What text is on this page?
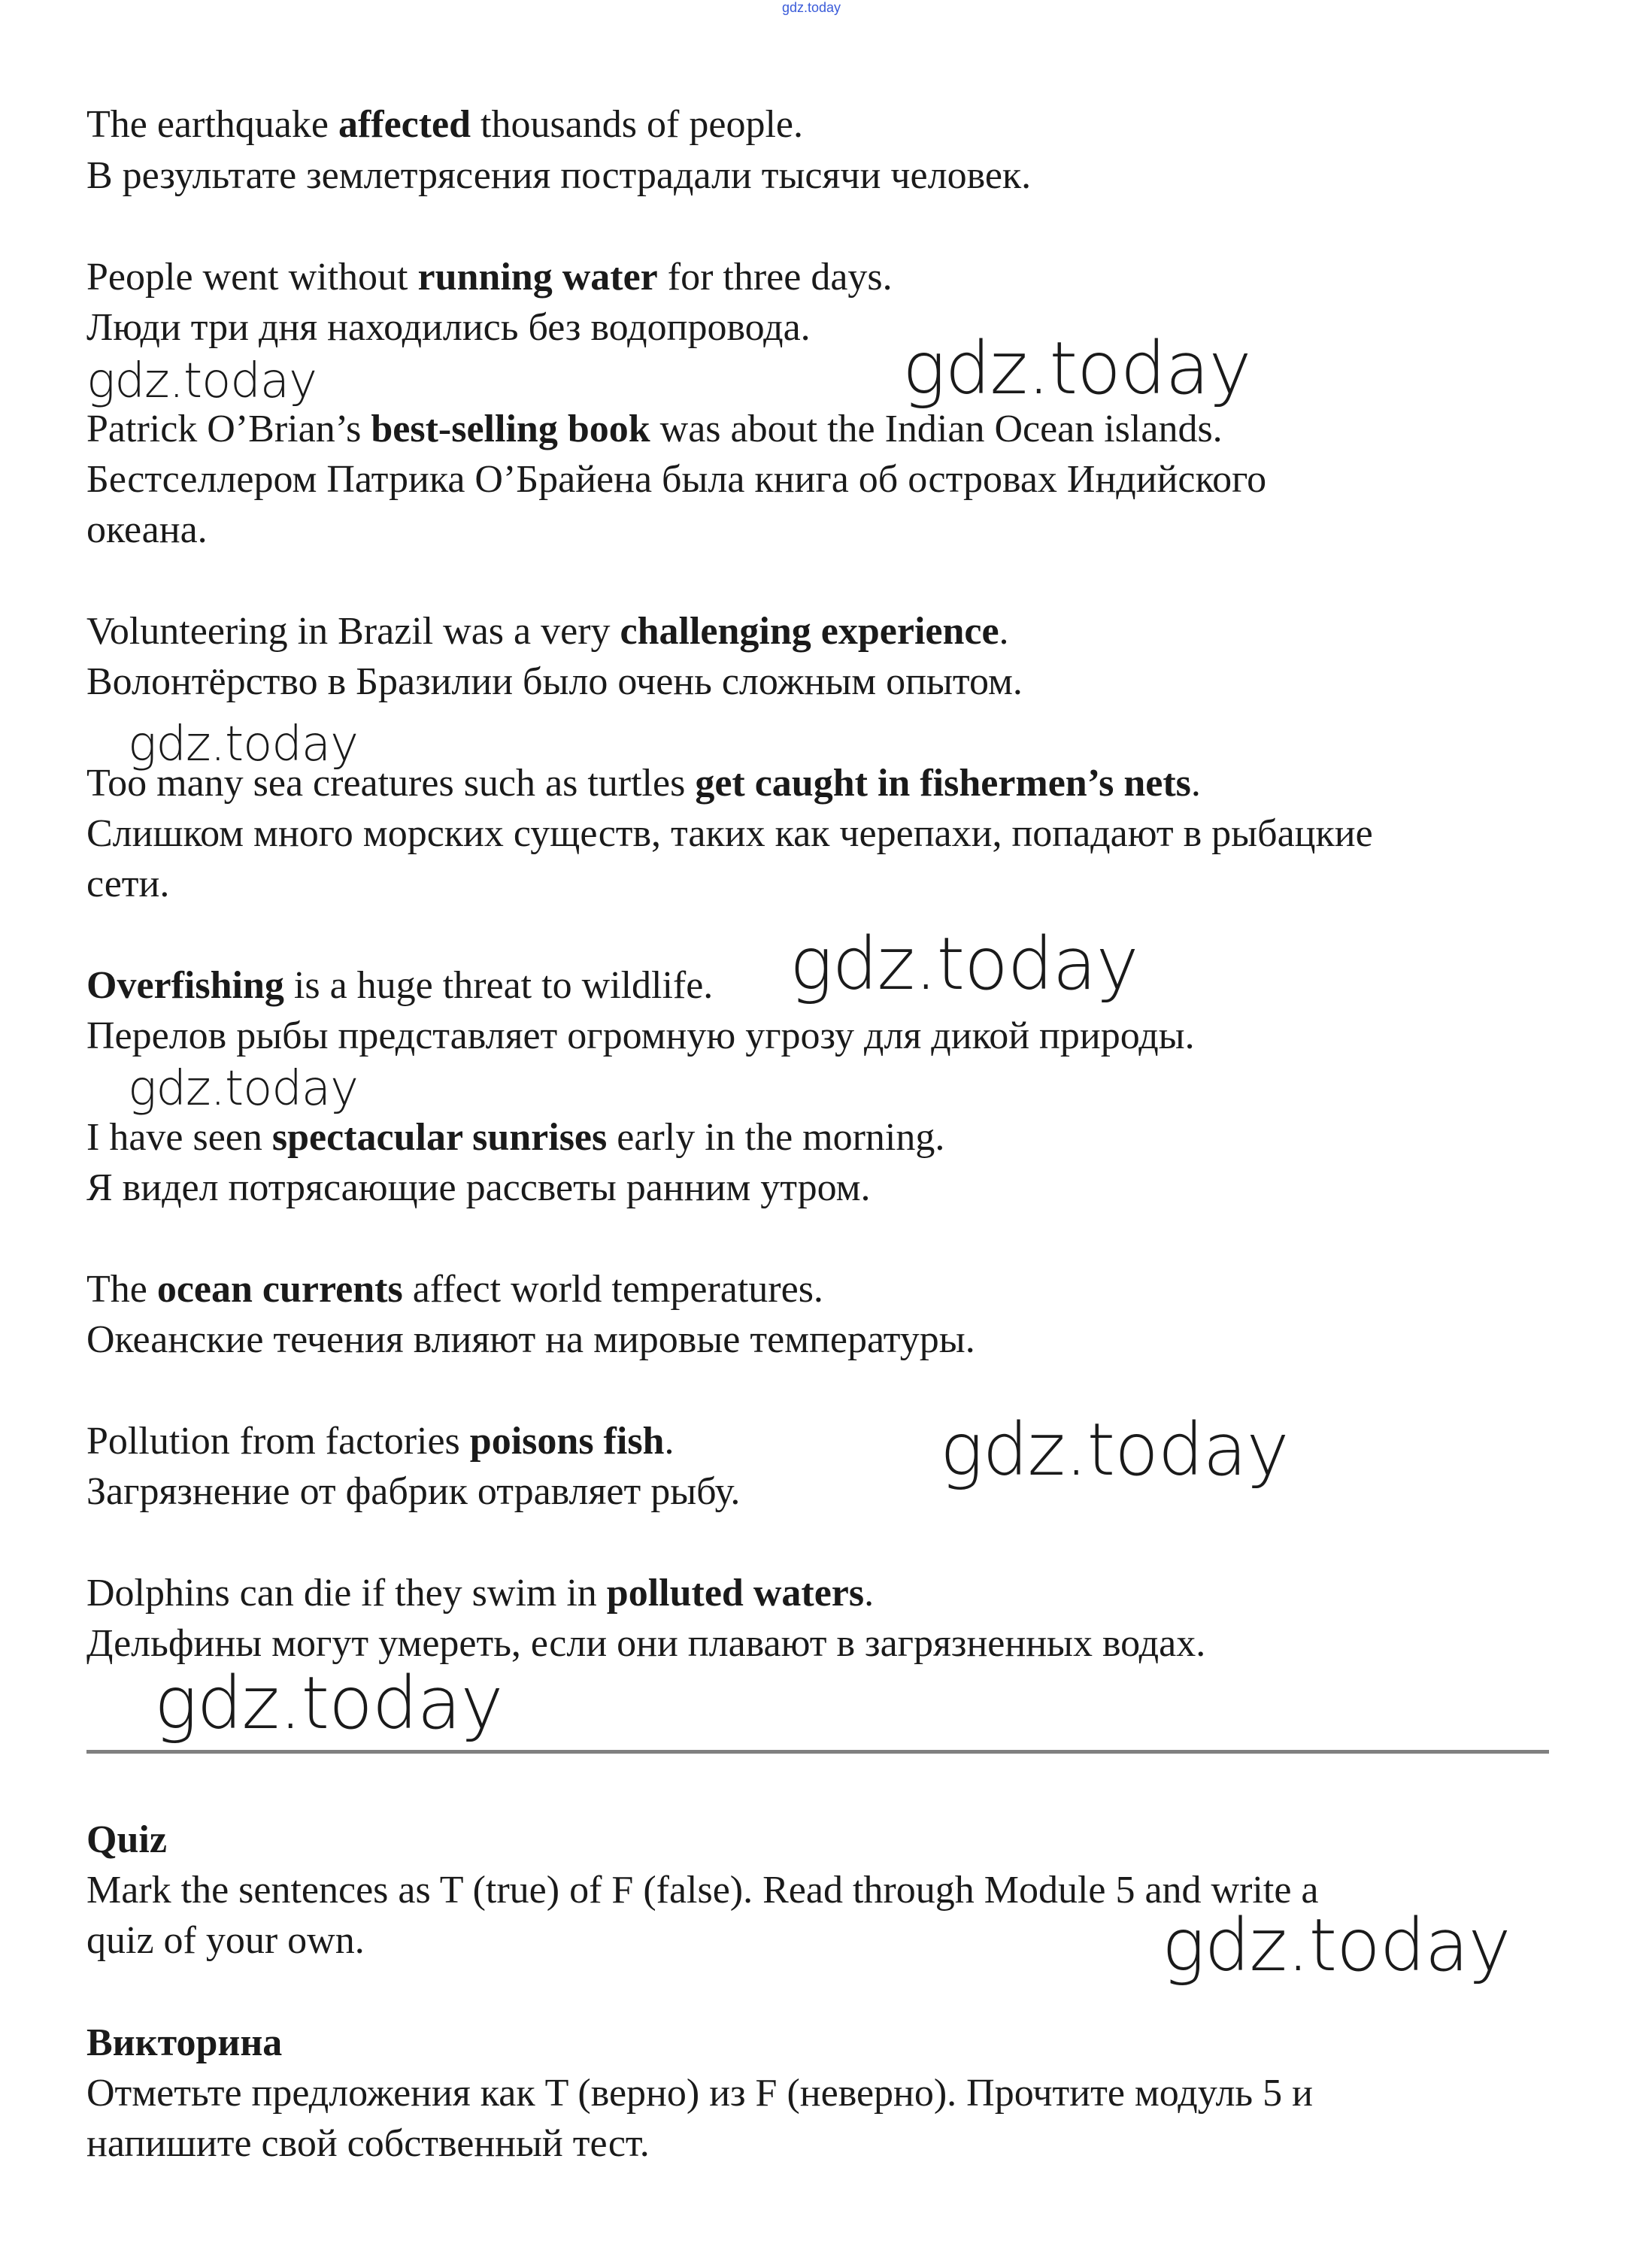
gdz.today
The earthquake affected thousands of people.
В результате землетрясения пострадали тысячи человек.
People went without running water for three days.
Люди три дня находились без водопровода.
Patrick O’Brian’s best-selling book was about the Indian Ocean islands.
Бестселлером Патрика О’Брайена была книга об островах Индийского
океана.
Volunteering in Brazil was a very challenging experience.
Волонтёрство в Бразилии было очень сложным опытом.
Too many sea creatures such as turtles get caught in fishermen’s nets.
Слишком много морских существ, таких как черепахи, попадают в рыбацкие
сети.
Overfishing is a huge threat to wildlife.
Перелов рыбы представляет огромную угрозу для дикой природы.
I have seen spectacular sunrises early in the morning.
Я видел потрясающие рассветы ранним утром.
The ocean currents affect world temperatures.
Океанские течения влияют на мировые температуры.
Pollution from factories poisons fish.
Загрязнение от фабрик отравляет рыбу.
Dolphins can die if they swim in polluted waters.
Дельфины могут умереть, если они плавают в загрязненных водах.
Quiz
Mark the sentences as T (true) of F (false). Read through Module 5 and write a
quiz of your own.
Викторина
Отметьте предложения как T (верно) из F (неверно). Прочтите модуль 5 и
напишите свой собственный тест.
gdz.today
gdz.today
gdz.today
gdz.today
gdz.today
gdz.today
gdz.today
gdz.today
